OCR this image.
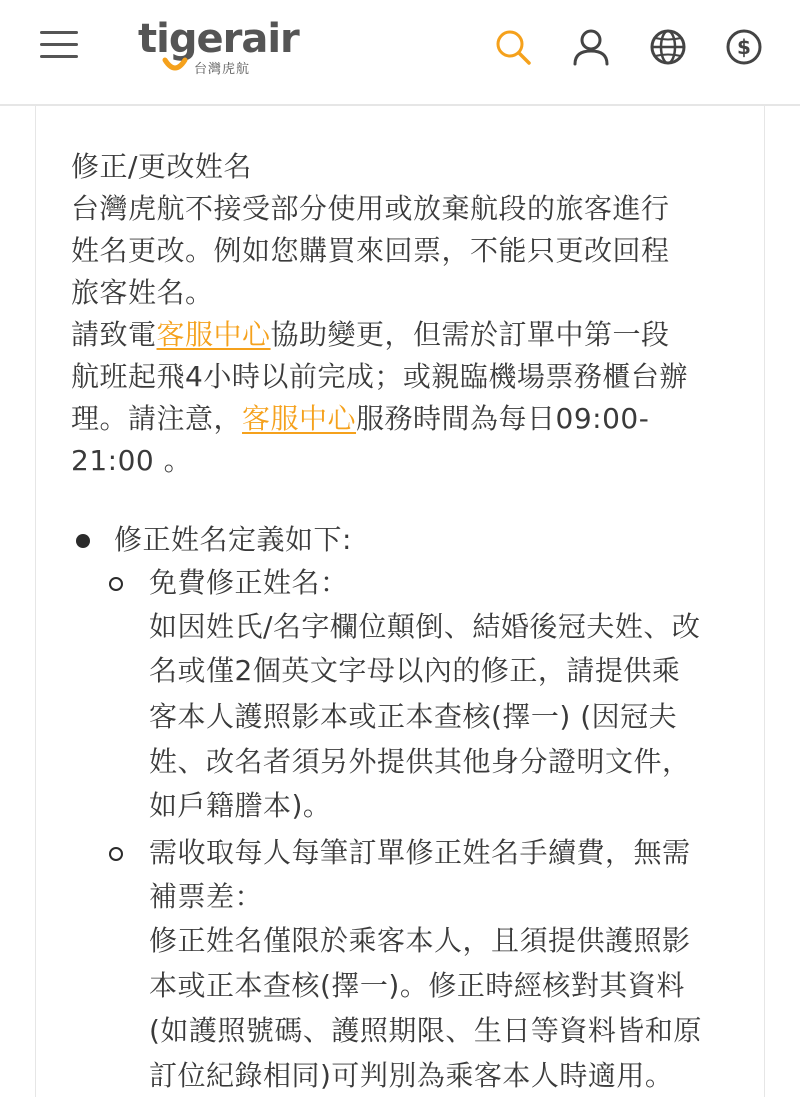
tigerair
台灣虎航
$
修正/更改姓名
台灣虎航不接受部分使用或放棄航段的旅客進行
姓名更改。例如您購買來回票，不能只更改回程
旅客姓名。
請致電客服中心協助變更，但需於訂單中第一段
航班起飛4小時以前完成；或親臨機場票務櫃台辦
理。請注意，客服中心服務時間為每日09:00-
21:00 。
修正姓名定義如下:
免費修正姓名：
如因姓氏/名字欄位顛倒、結婚後冠夫姓、改
名或僅2個英文字母以內的修正，請提供乘
客本人護照影本或正本查核(擇一) (因冠夫
姓、改名者須另外提供其他身分證明文件，
如戶籍謄本)。
需收取每人每筆訂單修正姓名手續費，無需
補票差：
修正姓名僅限於乘客本人，且須提供護照影
本或正本查核(擇一)。修正時經核對其資料
(如護照號碼、護照期限、生日等資料皆和原
訂位紀錄相同)可判別為乘客本人時適用。
